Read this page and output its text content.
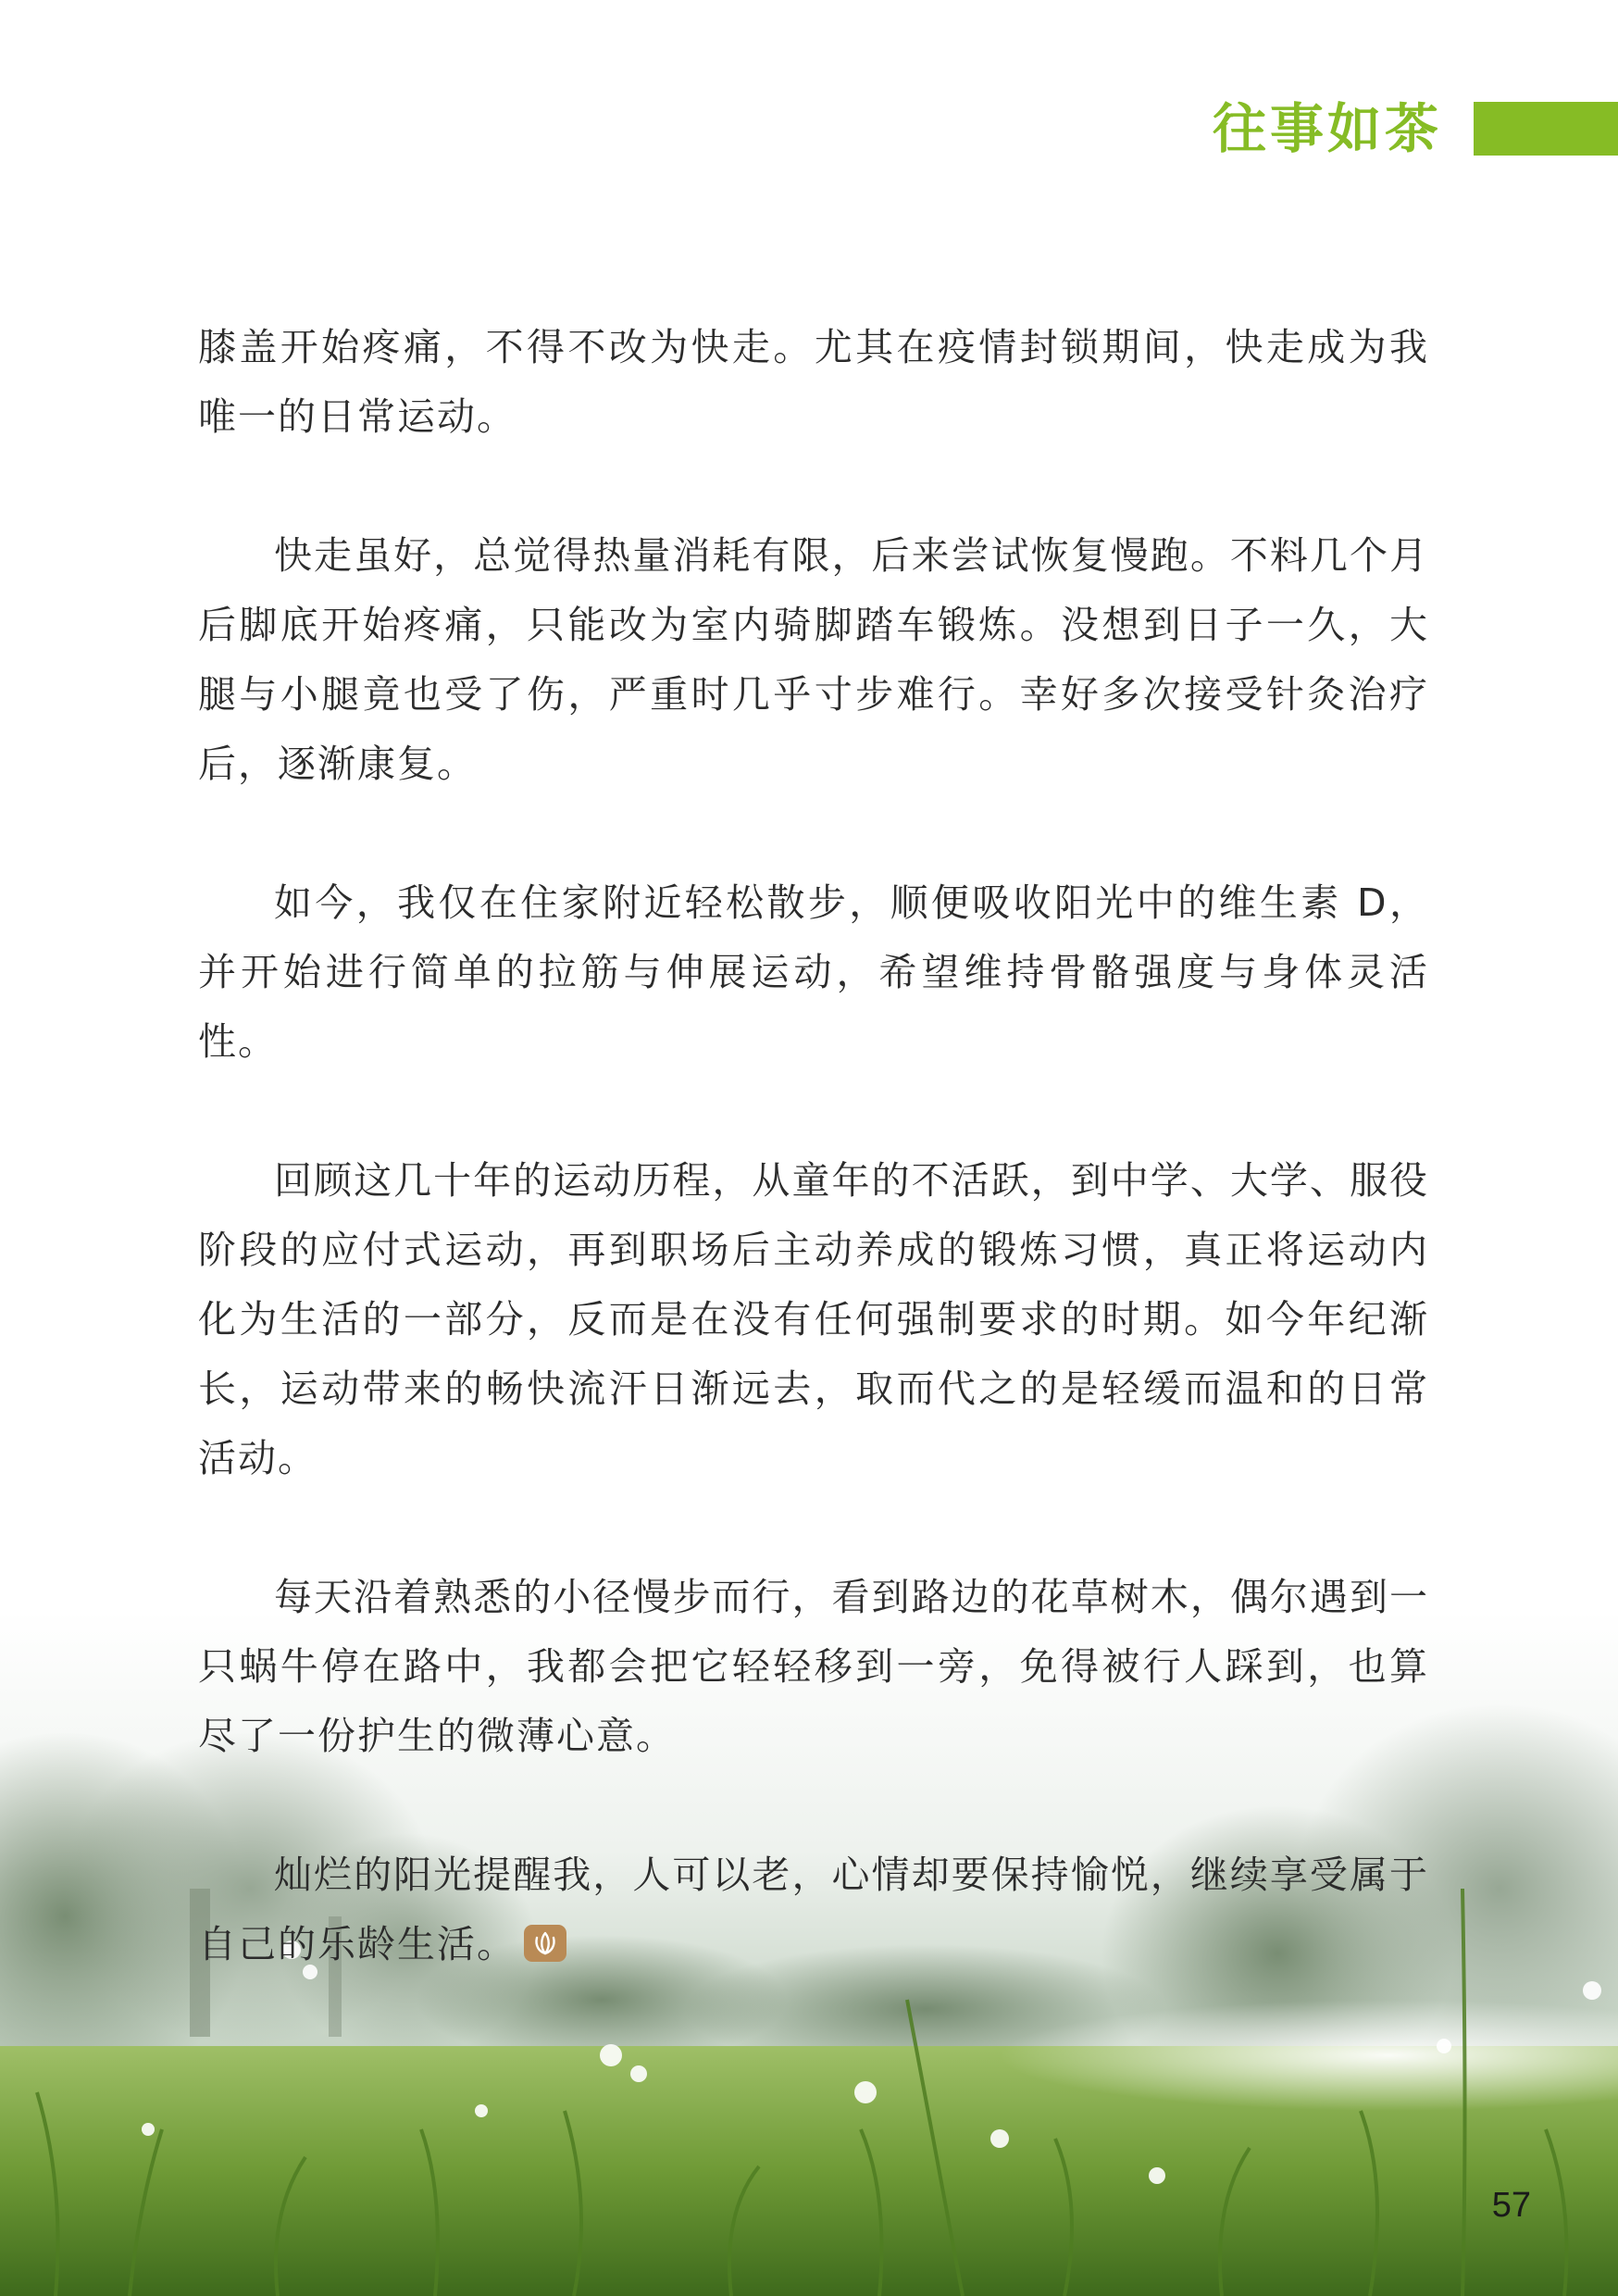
往事如茶

膝盖开始疼痛，不得不改为快走。尤其在疫情封锁期间，快走成为我唯一的日常运动。

快走虽好，总觉得热量消耗有限，后来尝试恢复慢跑。不料几个月后脚底开始疼痛，只能改为室内骑脚踏车锻炼。没想到日子一久，大腿与小腿竟也受了伤，严重时几乎寸步难行。幸好多次接受针灸治疗后，逐渐康复。

如今，我仅在住家附近轻松散步，顺便吸收阳光中的维生素 D，并开始进行简单的拉筋与伸展运动，希望维持骨骼强度与身体灵活性。

回顾这几十年的运动历程，从童年的不活跃，到中学、大学、服役阶段的应付式运动，再到职场后主动养成的锻炼习惯，真正将运动内化为生活的一部分，反而是在没有任何强制要求的时期。如今年纪渐长，运动带来的畅快流汗日渐远去，取而代之的是轻缓而温和的日常活动。

每天沿着熟悉的小径慢步而行，看到路边的花草树木，偶尔遇到一只蜗牛停在路中，我都会把它轻轻移到一旁，免得被行人踩到，也算尽了一份护生的微薄心意。

灿烂的阳光提醒我，人可以老，心情却要保持愉悦，继续享受属于自己的乐龄生活。

57
